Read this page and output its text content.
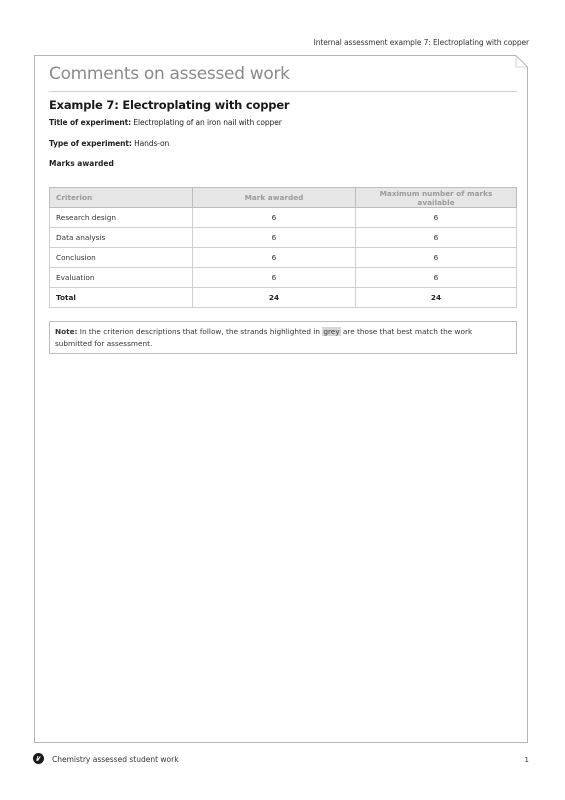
Internal assessment example 7: Electroplating with copper
Comments on assessed work
Example 7: Electroplating with copper
Title of experiment: Electroplating of an iron nail with copper
Type of experiment: Hands-on
Marks awarded
Criterion	Mark awarded	Maximum number of marks available
Research design	6	6
Data analysis	6	6
Conclusion	6	6
Evaluation	6	6
Total	24	24
Note: In the criterion descriptions that follow, the strands highlighted in grey are those that best match the work submitted for assessment.
Chemistry assessed student work	1
